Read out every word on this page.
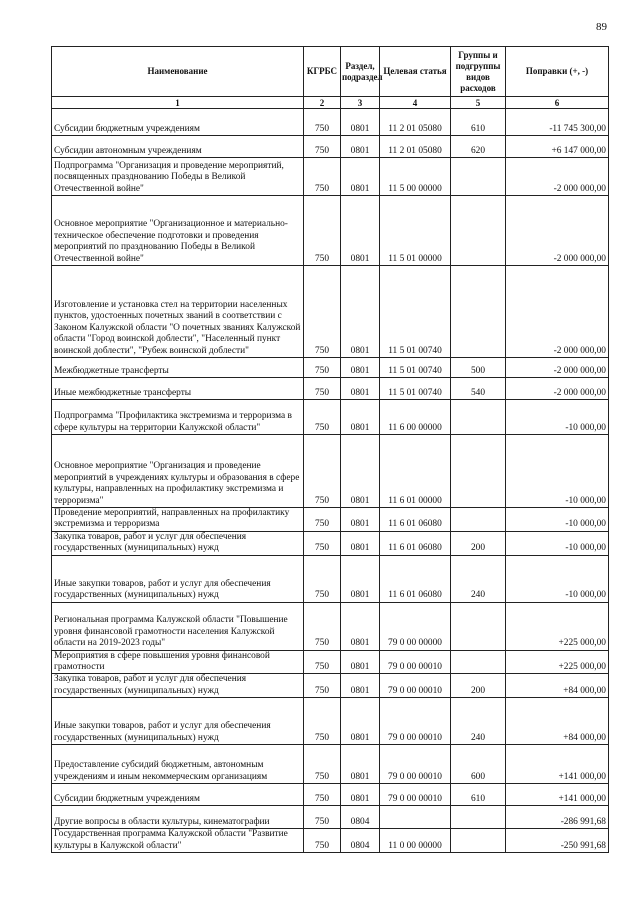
89
Наименование	КГРБС	Раздел, подраздел	Целевая статья	Группы и подгруппы видов расходов	Поправки (+, -)
1	2	3	4	5	6
Субсидии бюджетным учреждениям	750	0801	11 2 01 05080	610	-11 745 300,00
Субсидии автономным учреждениям	750	0801	11 2 01 05080	620	+6 147 000,00
Подпрограмма "Организация и проведение мероприятий, посвященных празднованию Победы в Великой Отечественной войне"	750	0801	11 5 00 00000		-2 000 000,00
Основное мероприятие "Организационное и материально-техническое обеспечение подготовки и проведения мероприятий по празднованию Победы в Великой Отечественной войне"	750	0801	11 5 01 00000		-2 000 000,00
Изготовление и установка стел на территории населенных пунктов, удостоенных почетных званий в соответствии с Законом Калужской области "О почетных званиях Калужской области "Город воинской доблести", "Населенный пункт воинской доблести", "Рубеж воинской доблести"	750	0801	11 5 01 00740		-2 000 000,00
Межбюджетные трансферты	750	0801	11 5 01 00740	500	-2 000 000,00
Иные межбюджетные трансферты	750	0801	11 5 01 00740	540	-2 000 000,00
Подпрограмма "Профилактика экстремизма и терроризма в сфере культуры на территории Калужской области"	750	0801	11 6 00 00000		-10 000,00
Основное мероприятие "Организация и проведение мероприятий в учреждениях культуры и образования в сфере культуры, направленных на профилактику экстремизма и терроризма"	750	0801	11 6 01 00000		-10 000,00
Проведение мероприятий, направленных на профилактику экстремизма и терроризма	750	0801	11 6 01 06080		-10 000,00
Закупка товаров, работ и услуг для обеспечения государственных (муниципальных) нужд	750	0801	11 6 01 06080	200	-10 000,00
Иные закупки товаров, работ и услуг для обеспечения государственных (муниципальных) нужд	750	0801	11 6 01 06080	240	-10 000,00
Региональная программа Калужской области "Повышение уровня финансовой грамотности населения Калужской области на 2019-2023 годы"	750	0801	79 0 00 00000		+225 000,00
Мероприятия в сфере повышения уровня финансовой грамотности	750	0801	79 0 00 00010		+225 000,00
Закупка товаров, работ и услуг для обеспечения государственных (муниципальных) нужд	750	0801	79 0 00 00010	200	+84 000,00
Иные закупки товаров, работ и услуг для обеспечения государственных (муниципальных) нужд	750	0801	79 0 00 00010	240	+84 000,00
Предоставление субсидий бюджетным, автономным учреждениям и иным некоммерческим организациям	750	0801	79 0 00 00010	600	+141 000,00
Субсидии бюджетным учреждениям	750	0801	79 0 00 00010	610	+141 000,00
Другие вопросы в области культуры, кинематографии	750	0804			-286 991,68
Государственная программа Калужской области "Развитие культуры в Калужской области"	750	0804	11 0 00 00000		-250 991,68
